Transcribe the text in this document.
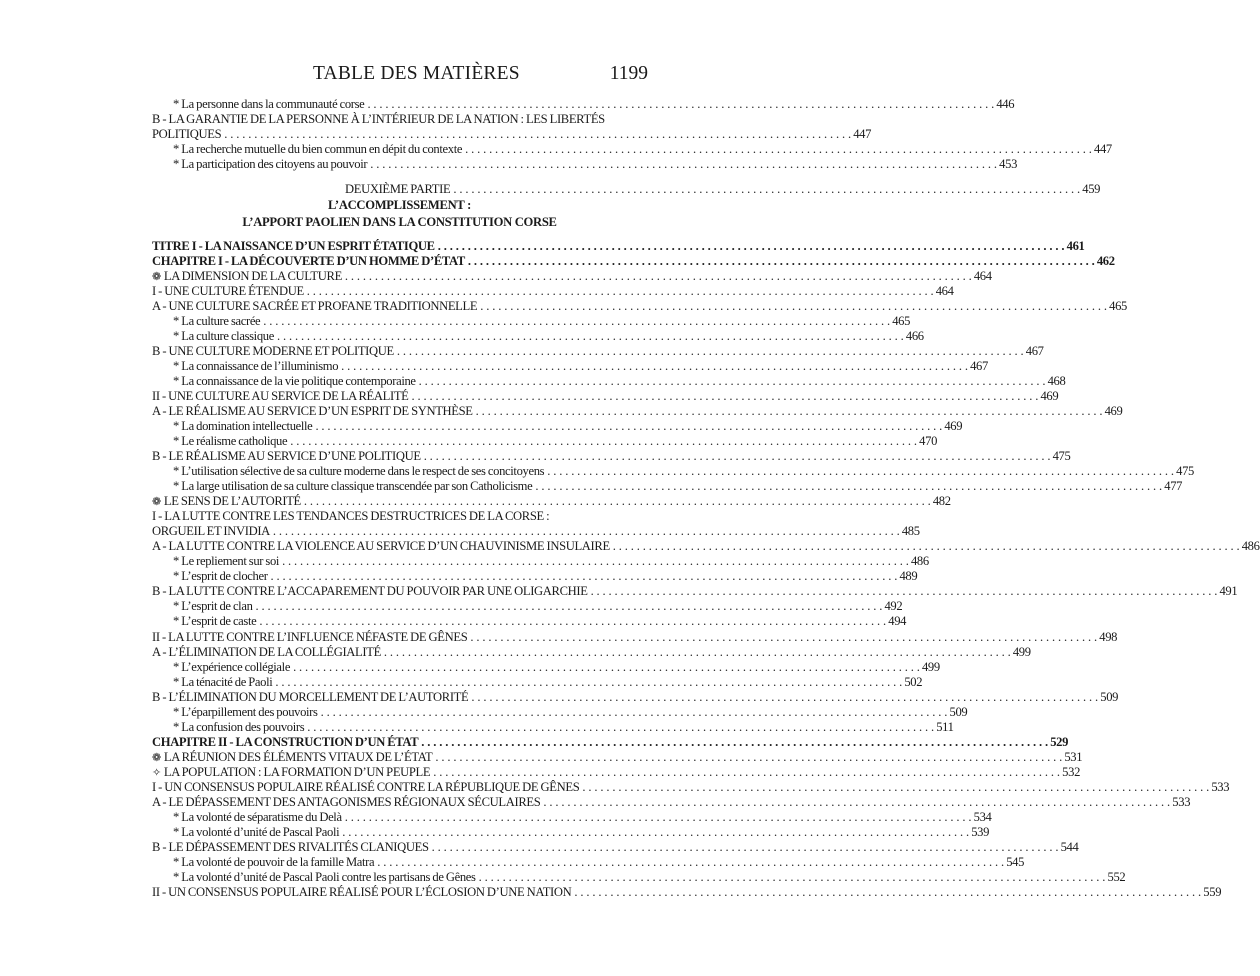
TABLE DES MATIÈRES	1199
* La personne dans la communauté corse . . .	446
B - LA GARANTIE DE LA PERSONNE À L’INTÉRIEUR DE LA NATION : LES LIBERTÉS
POLITIQUES . . .	447
* La recherche mutuelle du bien commun en dépit du contexte . . .	447
* La participation des citoyens au pouvoir . . .	453
DEUXIÈME PARTIE . . .	459
L’ACCOMPLISSEMENT :
L’APPORT PAOLIEN DANS LA CONSTITUTION CORSE
TITRE I - LA NAISSANCE D’UN ESPRIT ÉTATIQUE . . .	461
CHAPITRE I - LA DÉCOUVERTE D’UN HOMME D’ÉTAT . . .	462
❁ LA DIMENSION DE LA CULTURE . . .	464
I - UNE CULTURE ÉTENDUE . . .	464
A - UNE CULTURE SACRÉE ET PROFANE TRADITIONNELLE . . .	465
* La culture sacrée . . .	465
* La culture classique . . .	466
B - UNE CULTURE MODERNE ET POLITIQUE . . .	467
* La connaissance de l’illuminismo . . .	467
* La connaissance de la vie politique contemporaine . . .	468
II - UNE CULTURE AU SERVICE DE LA RÉALITÉ . . .	469
A - LE RÉALISME AU SERVICE D’UN ESPRIT DE SYNTHÈSE . . .	469
* La domination intellectuelle . . .	469
* Le réalisme catholique . . .	470
B - LE RÉALISME AU SERVICE D’UNE POLITIQUE . . .	475
* L’utilisation sélective de sa culture moderne dans le respect de ses concitoyens . . .	475
* La large utilisation de sa culture classique transcendée par son Catholicisme . . .	477
❁ LE SENS DE L’AUTORITÉ . . .	482
I - LA LUTTE CONTRE LES TENDANCES DESTRUCTRICES DE LA CORSE :
ORGUEIL ET INVIDIA . . .	485
A - LA LUTTE CONTRE LA VIOLENCE AU SERVICE D’UN CHAUVINISME INSULAIRE . . .	486
* Le repliement sur soi . . .	486
* L’esprit de clocher . . .	489
B - LA LUTTE CONTRE L’ACCAPAREMENT DU POUVOIR PAR UNE OLIGARCHIE . . .	491
* L’esprit de clan . . .	492
* L’esprit de caste . . .	494
II - LA LUTTE CONTRE L’INFLUENCE NÉFASTE DE GÊNES . . .	498
A - L’ÉLIMINATION DE LA COLLÉGIALITÉ . . .	499
* L’expérience collégiale . . .	499
* La ténacité de Paoli . . .	502
B - L’ÉLIMINATION DU MORCELLEMENT DE L’AUTORITÉ . . .	509
* L’éparpillement des pouvoirs . . .	509
* La confusion des pouvoirs . . .	511
CHAPITRE II - LA CONSTRUCTION D’UN ÉTAT . . .	529
❁ LA RÉUNION DES ÉLÉMENTS VITAUX DE L’ÉTAT . . .	531
✧ LA POPULATION : LA FORMATION D’UN PEUPLE . . .	532
I - UN CONSENSUS POPULAIRE RÉALISÉ CONTRE LA RÉPUBLIQUE DE GÊNES . . .	533
A - LE DÉPASSEMENT DES ANTAGONISMES RÉGIONAUX SÉCULAIRES . . .	533
* La volonté de séparatisme du Delà . . .	534
* La volonté d’unité de Pascal Paoli . . .	539
B - LE DÉPASSEMENT DES RIVALITÉS CLANIQUES . . .	544
* La volonté de pouvoir de la famille Matra . . .	545
* La volonté d’unité de Pascal Paoli contre les partisans de Gênes . . .	552
II - UN CONSENSUS POPULAIRE RÉALISÉ POUR L’ÉCLOSION D’UNE NATION . . .	559
